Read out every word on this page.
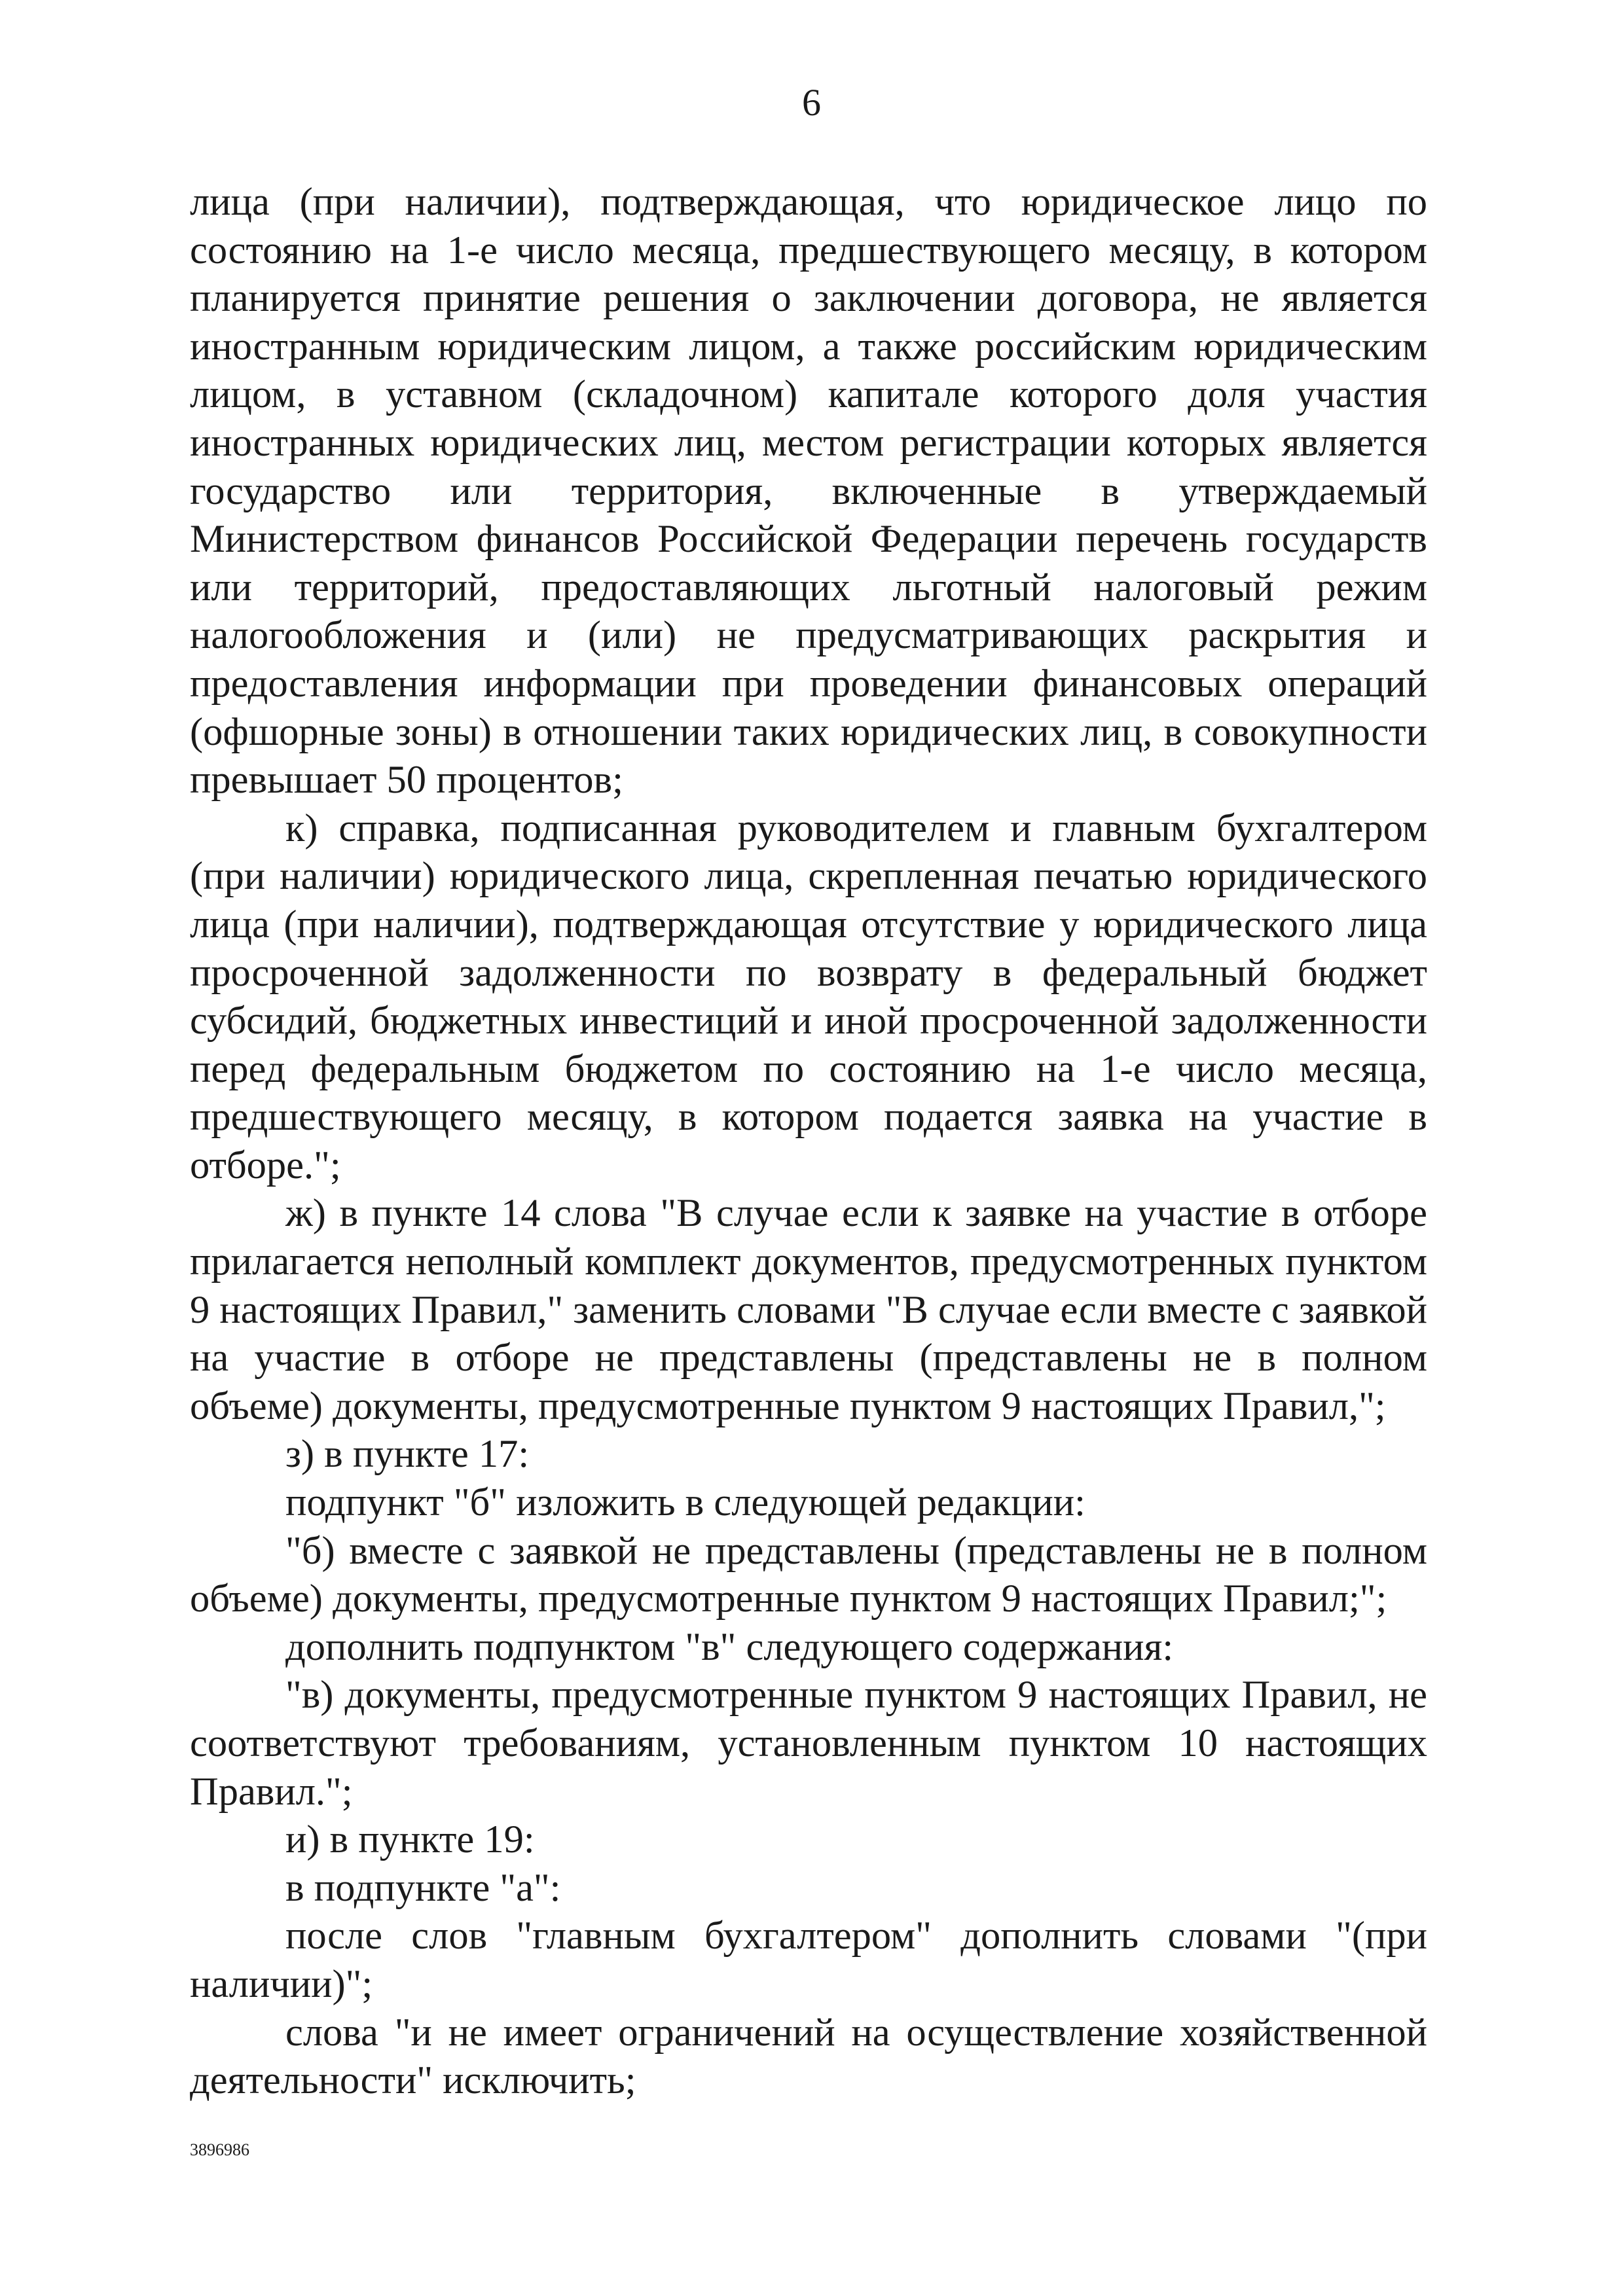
6

лица (при наличии), подтверждающая, что юридическое лицо по состоянию на 1-е число месяца, предшествующего месяцу, в котором планируется принятие решения о заключении договора, не является иностранным юридическим лицом, а также российским юридическим лицом, в уставном (складочном) капитале которого доля участия иностранных юридических лиц, местом регистрации которых является государство или территория, включенные в утверждаемый Министерством финансов Российской Федерации перечень государств или территорий, предоставляющих льготный налоговый режим налогообложения и (или) не предусматривающих раскрытия и предоставления информации при проведении финансовых операций (офшорные зоны) в отношении таких юридических лиц, в совокупности превышает 50 процентов;

к) справка, подписанная руководителем и главным бухгалтером (при наличии) юридического лица, скрепленная печатью юридического лица (при наличии), подтверждающая отсутствие у юридического лица просроченной задолженности по возврату в федеральный бюджет субсидий, бюджетных инвестиций и иной просроченной задолженности перед федеральным бюджетом по состоянию на 1-е число месяца, предшествующего месяцу, в котором подается заявка на участие в отборе.";

ж) в пункте 14 слова "В случае если к заявке на участие в отборе прилагается неполный комплект документов, предусмотренных пунктом 9 настоящих Правил," заменить словами "В случае если вместе с заявкой на участие в отборе не представлены (представлены не в полном объеме) документы, предусмотренные пунктом 9 настоящих Правил,";

з) в пункте 17:

подпункт "б" изложить в следующей редакции:

"б) вместе с заявкой не представлены (представлены не в полном объеме) документы, предусмотренные пунктом 9 настоящих Правил;";

дополнить подпунктом "в" следующего содержания:

"в) документы, предусмотренные пунктом 9 настоящих Правил, не соответствуют требованиям, установленным пунктом 10 настоящих Правил.";

и) в пункте 19:

в подпункте "а":

после слов "главным бухгалтером" дополнить словами "(при наличии)";

слова "и не имеет ограничений на осуществление хозяйственной деятельности" исключить;

3896986
